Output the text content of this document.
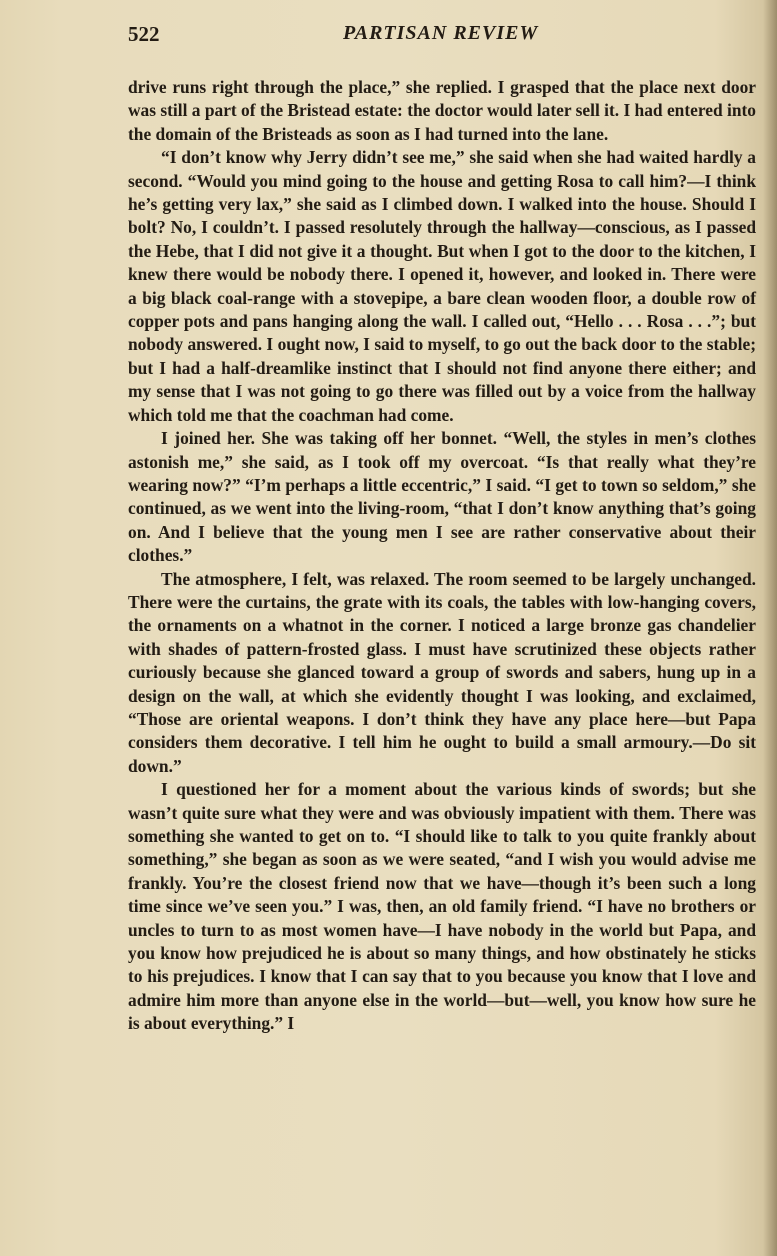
522	PARTISAN REVIEW

drive runs right through the place,” she replied. I grasped that the place next door was still a part of the Bristead estate: the doctor would later sell it. I had entered into the domain of the Bristeads as soon as I had turned into the lane.

“I don’t know why Jerry didn’t see me,” she said when she had waited hardly a second. “Would you mind going to the house and getting Rosa to call him?—I think he’s getting very lax,” she said as I climbed down. I walked into the house. Should I bolt? No, I couldn’t. I passed resolutely through the hallway—conscious, as I passed the Hebe, that I did not give it a thought. But when I got to the door to the kitchen, I knew there would be nobody there. I opened it, however, and looked in. There were a big black coal-range with a stovepipe, a bare clean wooden floor, a double row of copper pots and pans hanging along the wall. I called out, “Hello . . . Rosa . . .”; but nobody answered. I ought now, I said to myself, to go out the back door to the stable; but I had a half-dreamlike instinct that I should not find anyone there either; and my sense that I was not going to go there was filled out by a voice from the hallway which told me that the coachman had come.

I joined her. She was taking off her bonnet. “Well, the styles in men’s clothes astonish me,” she said, as I took off my overcoat. “Is that really what they’re wearing now?” “I’m perhaps a little eccentric,” I said. “I get to town so seldom,” she continued, as we went into the living-room, “that I don’t know anything that’s going on. And I believe that the young men I see are rather conservative about their clothes.”

The atmosphere, I felt, was relaxed. The room seemed to be largely unchanged. There were the curtains, the grate with its coals, the tables with low-hanging covers, the ornaments on a whatnot in the corner. I noticed a large bronze gas chandelier with shades of pattern-frosted glass. I must have scrutinized these objects rather curiously because she glanced toward a group of swords and sabers, hung up in a design on the wall, at which she evidently thought I was looking, and exclaimed, “Those are oriental weapons. I don’t think they have any place here—but Papa considers them decorative. I tell him he ought to build a small armoury.—Do sit down.”

I questioned her for a moment about the various kinds of swords; but she wasn’t quite sure what they were and was obviously impatient with them. There was something she wanted to get on to. “I should like to talk to you quite frankly about something,” she began as soon as we were seated, “and I wish you would advise me frankly. You’re the closest friend now that we have—though it’s been such a long time since we’ve seen you.” I was, then, an old family friend. “I have no brothers or uncles to turn to as most women have—I have nobody in the world but Papa, and you know how prejudiced he is about so many things, and how obstinately he sticks to his prejudices. I know that I can say that to you because you know that I love and admire him more than anyone else in the world—but—well, you know how sure he is about everything.” I
